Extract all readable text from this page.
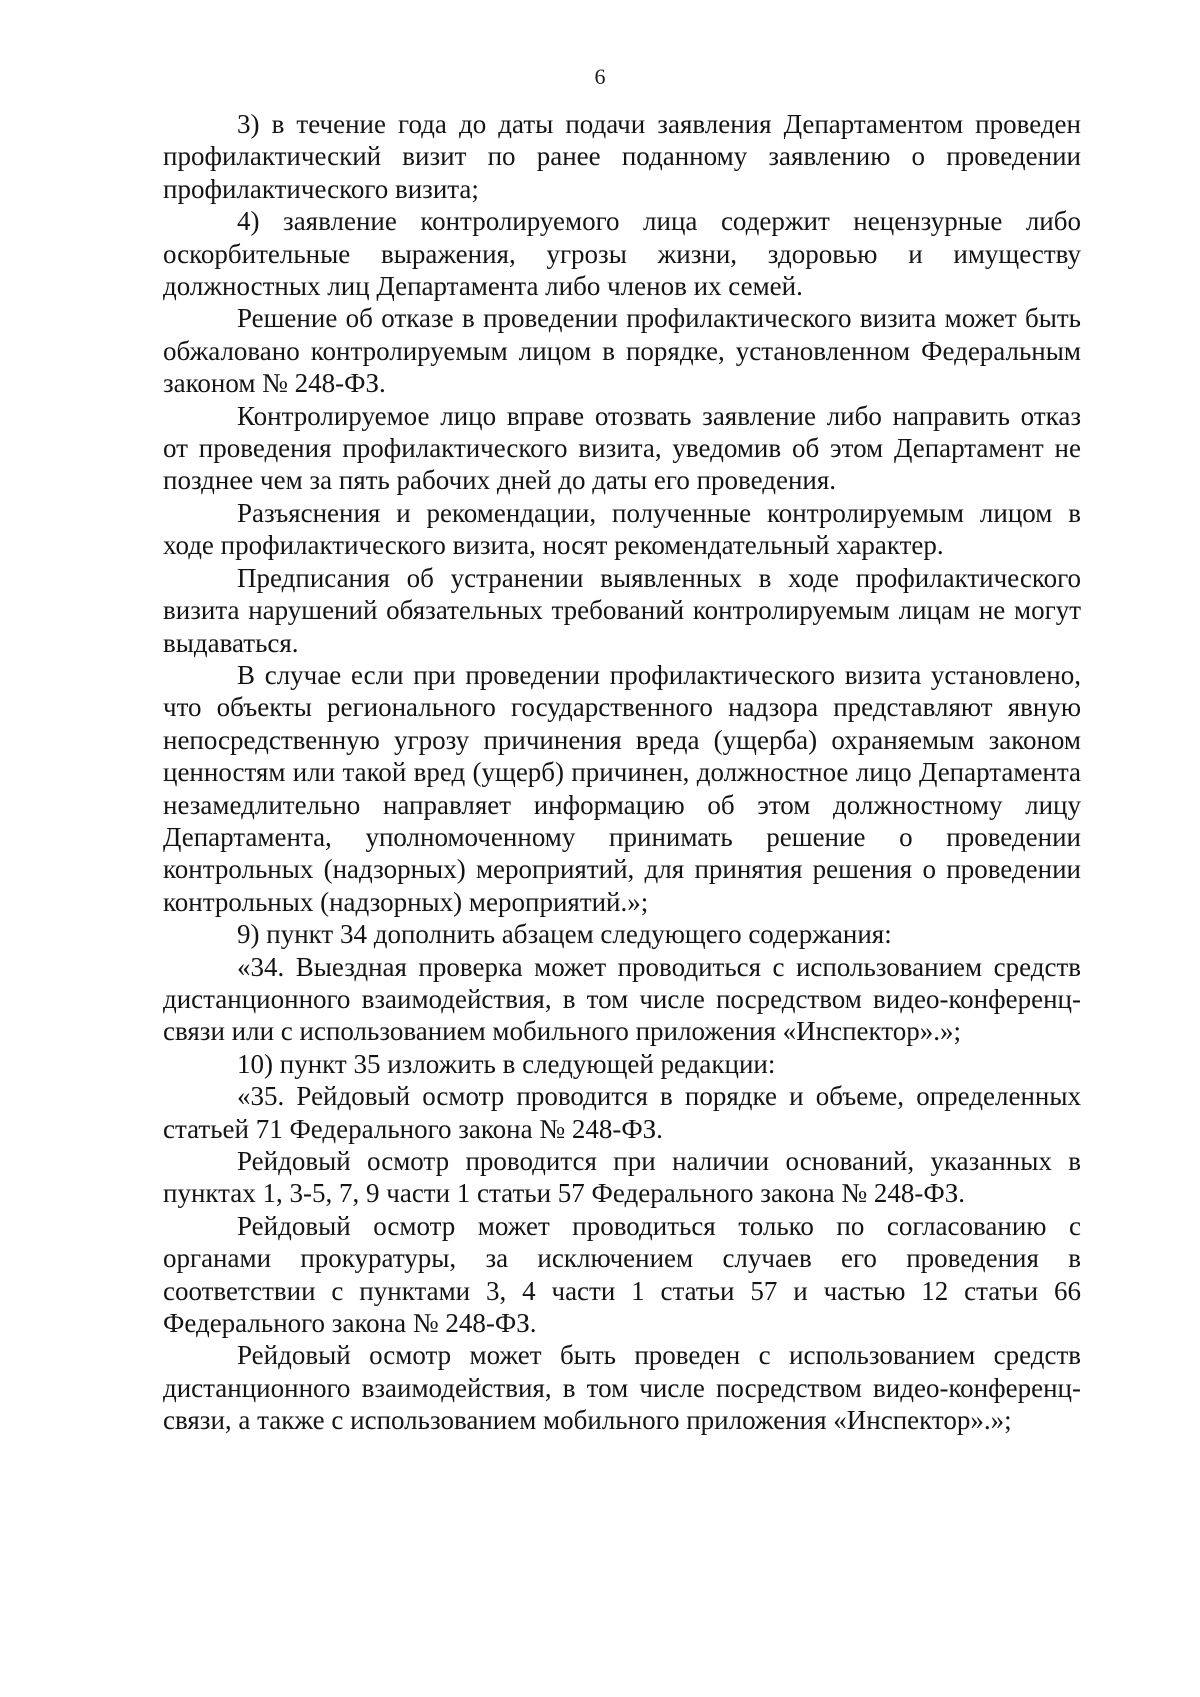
6

3) в течение года до даты подачи заявления Департаментом проведен профилактический визит по ранее поданному заявлению о проведении профилактического визита;

4) заявление контролируемого лица содержит нецензурные либо оскорбительные выражения, угрозы жизни, здоровью и имуществу должностных лиц Департамента либо членов их семей.

Решение об отказе в проведении профилактического визита может быть обжаловано контролируемым лицом в порядке, установленном Федеральным законом № 248-ФЗ.

Контролируемое лицо вправе отозвать заявление либо направить отказ от проведения профилактического визита, уведомив об этом Департамент не позднее чем за пять рабочих дней до даты его проведения.

Разъяснения и рекомендации, полученные контролируемым лицом в ходе профилактического визита, носят рекомендательный характер.

Предписания об устранении выявленных в ходе профилактического визита нарушений обязательных требований контролируемым лицам не могут выдаваться.

В случае если при проведении профилактического визита установлено, что объекты регионального государственного надзора представляют явную непосредственную угрозу причинения вреда (ущерба) охраняемым законом ценностям или такой вред (ущерб) причинен, должностное лицо Департамента незамедлительно направляет информацию об этом должностному лицу Департамента, уполномоченному принимать решение о проведении контрольных (надзорных) мероприятий, для принятия решения о проведении контрольных (надзорных) мероприятий.»;

9) пункт 34 дополнить абзацем следующего содержания:

«34. Выездная проверка может проводиться с использованием средств дистанционного взаимодействия, в том числе посредством видео-конференц-связи или с использованием мобильного приложения «Инспектор».»;

10) пункт 35 изложить в следующей редакции:

«35. Рейдовый осмотр проводится в порядке и объеме, определенных статьей 71 Федерального закона № 248-ФЗ.

Рейдовый осмотр проводится при наличии оснований, указанных в пунктах 1, 3-5, 7, 9 части 1 статьи 57 Федерального закона № 248-ФЗ.

Рейдовый осмотр может проводиться только по согласованию с органами прокуратуры, за исключением случаев его проведения в соответствии с пунктами 3, 4 части 1 статьи 57 и частью 12 статьи 66 Федерального закона № 248-ФЗ.

Рейдовый осмотр может быть проведен с использованием средств дистанционного взаимодействия, в том числе посредством видео-конференц-связи, а также с использованием мобильного приложения «Инспектор».»;
